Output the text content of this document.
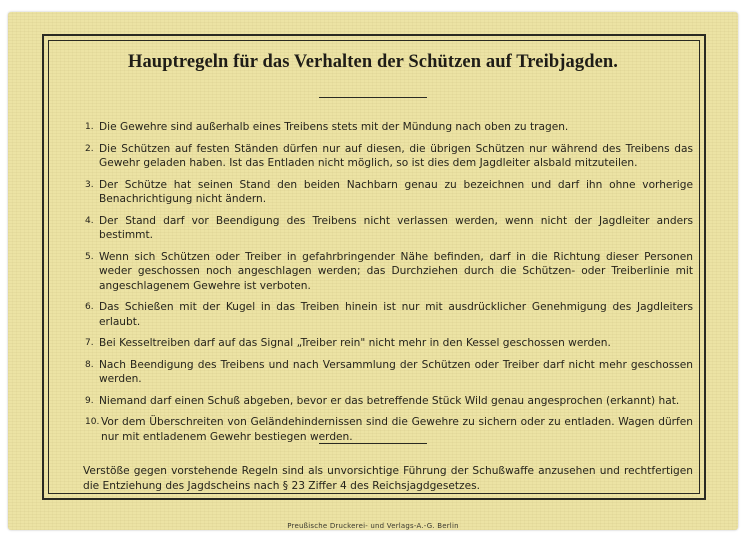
Hauptregeln für das Verhalten der Schützen auf Treibjagden.
1. Die Gewehre sind außerhalb eines Treibens stets mit der Mündung nach oben zu tragen.
2. Die Schützen auf festen Ständen dürfen nur auf diesen, die übrigen Schützen nur während des Treibens das Gewehr geladen haben. Ist das Entladen nicht möglich, so ist dies dem Jagdleiter alsbald mitzuteilen.
3. Der Schütze hat seinen Stand den beiden Nachbarn genau zu bezeichnen und darf ihn ohne vorherige Benachrichtigung nicht ändern.
4. Der Stand darf vor Beendigung des Treibens nicht verlassen werden, wenn nicht der Jagdleiter anders bestimmt.
5. Wenn sich Schützen oder Treiber in gefahrbringender Nähe befinden, darf in die Richtung dieser Personen weder geschossen noch angeschlagen werden; das Durchziehen durch die Schützen- oder Treiberlinie mit angeschlagenem Gewehre ist verboten.
6. Das Schießen mit der Kugel in das Treiben hinein ist nur mit ausdrücklicher Genehmigung des Jagdleiters erlaubt.
7. Bei Kesseltreiben darf auf das Signal „Treiber rein" nicht mehr in den Kessel geschossen werden.
8. Nach Beendigung des Treibens und nach Versammlung der Schützen oder Treiber darf nicht mehr geschossen werden.
9. Niemand darf einen Schuß abgeben, bevor er das betreffende Stück Wild genau angesprochen (erkannt) hat.
10. Vor dem Überschreiten von Geländehindernissen sind die Gewehre zu sichern oder zu entladen. Wagen dürfen nur mit entladenem Gewehr bestiegen werden.
Verstöße gegen vorstehende Regeln sind als unvorsichtige Führung der Schußwaffe anzusehen und rechtfertigen die Entziehung des Jagdscheins nach § 23 Ziffer 4 des Reichsjagdgesetzes.
Preußische Druckerei- und Verlags-A.-G. Berlin
